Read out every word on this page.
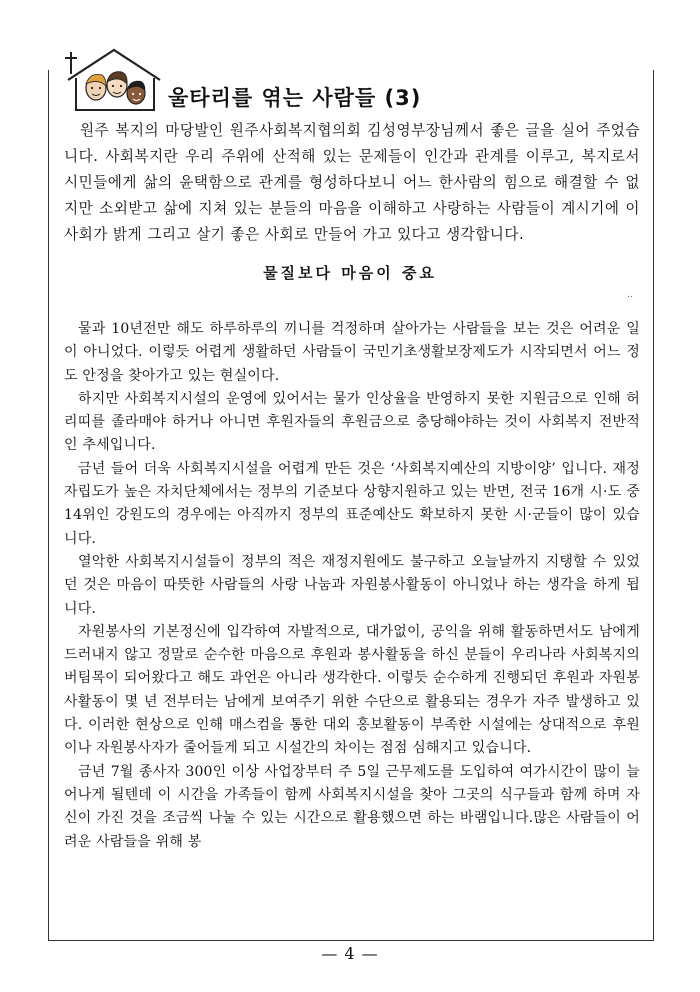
울타리를 엮는 사람들 (3)

원주 복지의 마당발인 원주사회복지협의회 김성영부장님께서 좋은 글을 실어 주었습니다. 사회복지란 우리 주위에 산적해 있는 문제들이 인간과 관계를 이루고, 복지로서 시민들에게 삶의 윤택함으로 관계를 형성하다보니 어느 한사람의 힘으로 해결할 수 없지만 소외받고 삶에 지쳐 있는 분들의 마음을 이해하고 사랑하는 사람들이 계시기에 이 사회가 밝게 그리고 살기 좋은 사회로 만들어 가고 있다고 생각합니다.

물질보다 마음이 중요
..

물과 10년전만 해도 하루하루의 끼니를 걱정하며 살아가는 사람들을 보는 것은 어려운 일이 아니었다. 이렇듯 어렵게 생활하던 사람들이 국민기초생활보장제도가 시작되면서 어느 정도 안정을 찾아가고 있는 현실이다.

하지만 사회복지시설의 운영에 있어서는 물가 인상율을 반영하지 못한 지원금으로 인해 허리띠를 졸라매야 하거나 아니면 후원자들의 후원금으로 충당해야하는 것이 사회복지 전반적인 추세입니다.

금년 들어 더욱 사회복지시설을 어렵게 만든 것은 ‘사회복지예산의 지방이양’ 입니다. 재정자립도가 높은 자치단체에서는 정부의 기준보다 상향지원하고 있는 반면, 전국 16개 시·도 중 14위인 강원도의 경우에는 아직까지 정부의 표준예산도 확보하지 못한 시·군들이 많이 있습니다.

열악한 사회복지시설들이 정부의 적은 재정지원에도 불구하고 오늘날까지 지탱할 수 있었던 것은 마음이 따뜻한 사람들의 사랑 나눔과 자원봉사활동이 아니었나 하는 생각을 하게 됩니다.

자원봉사의 기본정신에 입각하여 자발적으로, 대가없이, 공익을 위해 활동하면서도 남에게 드러내지 않고 정말로 순수한 마음으로 후원과 봉사활동을 하신 분들이 우리나라 사회복지의 버팀목이 되어왔다고 해도 과언은 아니라 생각한다. 이렇듯 순수하게 진행되던 후원과 자원봉사활동이 몇 년 전부터는 남에게 보여주기 위한 수단으로 활용되는 경우가 자주 발생하고 있다. 이러한 현상으로 인해 매스컴을 통한 대외 홍보활동이 부족한 시설에는 상대적으로 후원이나 자원봉사자가 줄어들게 되고 시설간의 차이는 점점 심해지고 있습니다.

금년 7월 종사자 300인 이상 사업장부터 주 5일 근무제도를 도입하여 여가시간이 많이 늘어나게 될텐데 이 시간을 가족들이 함께 사회복지시설을 찾아 그곳의 식구들과 함께 하며 자신이 가진 것을 조금씩 나눌 수 있는 시간으로 활용했으면 하는 바램입니다.많은 사람들이 어려운 사람들을 위해 봉

— 4 —
